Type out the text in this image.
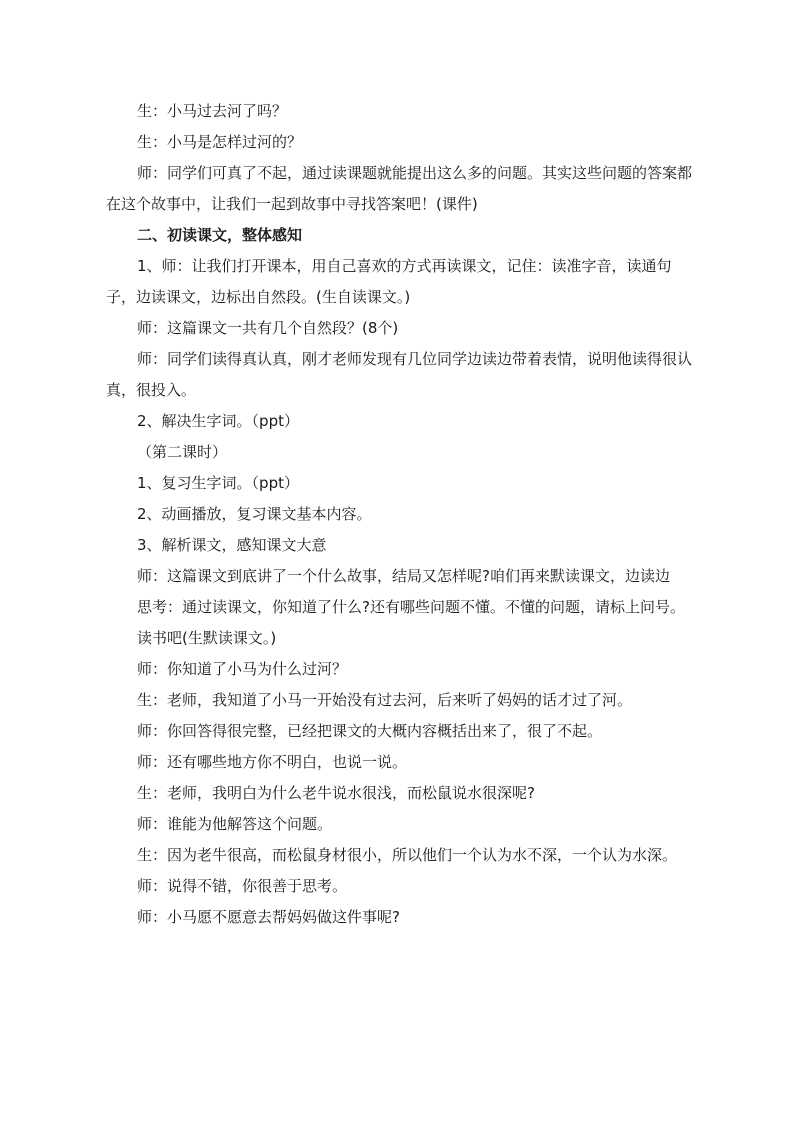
生：小马过去河了吗？

生：小马是怎样过河的？

师：同学们可真了不起，通过读课题就能提出这么多的问题。其实这些问题的答案都在这个故事中，让我们一起到故事中寻找答案吧！(课件)

二、初读课文，整体感知

1、师：让我们打开课本，用自己喜欢的方式再读课文，记住：读准字音，读通句子，边读课文，边标出自然段。(生自读课文。)

师：这篇课文一共有几个自然段？(8个)

师：同学们读得真认真，刚才老师发现有几位同学边读边带着表情，说明他读得很认真，很投入。

2、解决生字词。（ppt）

（第二课时）

1、复习生字词。（ppt）

2、动画播放，复习课文基本内容。

3、解析课文，感知课文大意

师：这篇课文到底讲了一个什么故事，结局又怎样呢?咱们再来默读课文，边读边

思考：通过读课文，你知道了什么?还有哪些问题不懂。不懂的问题，请标上问号。读书吧(生默读课文。)

师：你知道了小马为什么过河？

生：老师，我知道了小马一开始没有过去河，后来听了妈妈的话才过了河。

师：你回答得很完整，已经把课文的大概内容概括出来了，很了不起。

师：还有哪些地方你不明白，也说一说。

生：老师，我明白为什么老牛说水很浅，而松鼠说水很深呢?

师：谁能为他解答这个问题。

生：因为老牛很高，而松鼠身材很小，所以他们一个认为水不深，一个认为水深。

师：说得不错，你很善于思考。

师：小马愿不愿意去帮妈妈做这件事呢?
